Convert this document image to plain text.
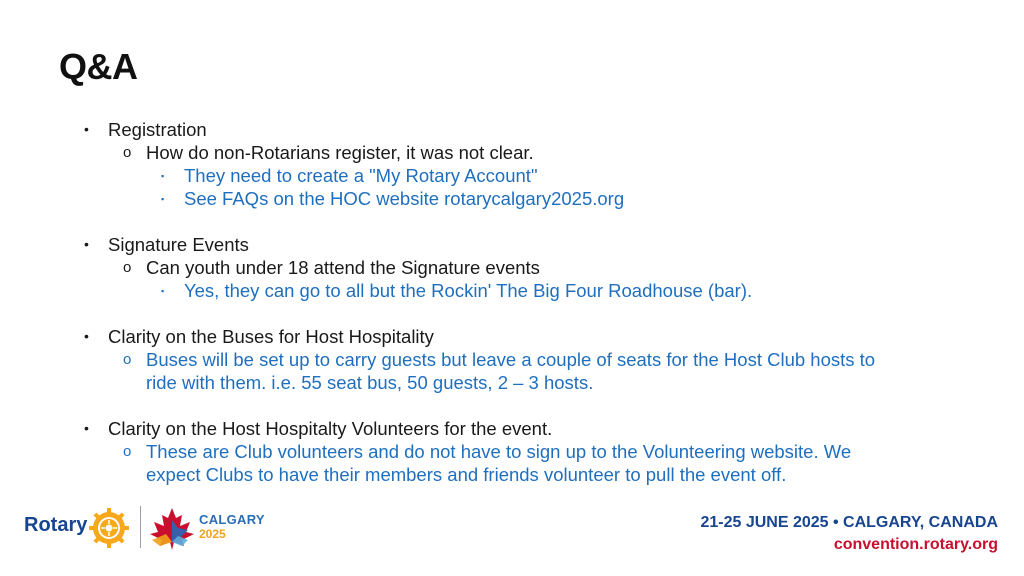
Q&A
• Registration
o How do non-Rotarians register, it was not clear.
▪ They need to create a "My Rotary Account"
▪ See FAQs on the HOC website rotarycalgary2025.org
• Signature Events
o Can youth under 18 attend the Signature events
▪ Yes, they can go to all but the Rockin' The Big Four Roadhouse (bar).
• Clarity on the Buses for Host Hospitality
o Buses will be set up to carry guests but leave a couple of seats for the Host Club hosts to
ride with them. i.e. 55 seat bus, 50 guests, 2 – 3 hosts.
• Clarity on the Host Hospitalty Volunteers for the event.
o These are Club volunteers and do not have to sign up to the Volunteering website. We
expect Clubs to have their members and friends volunteer to pull the event off.
Rotary	CALGARY
2025
21-25 JUNE 2025 • CALGARY, CANADA
convention.rotary.org
